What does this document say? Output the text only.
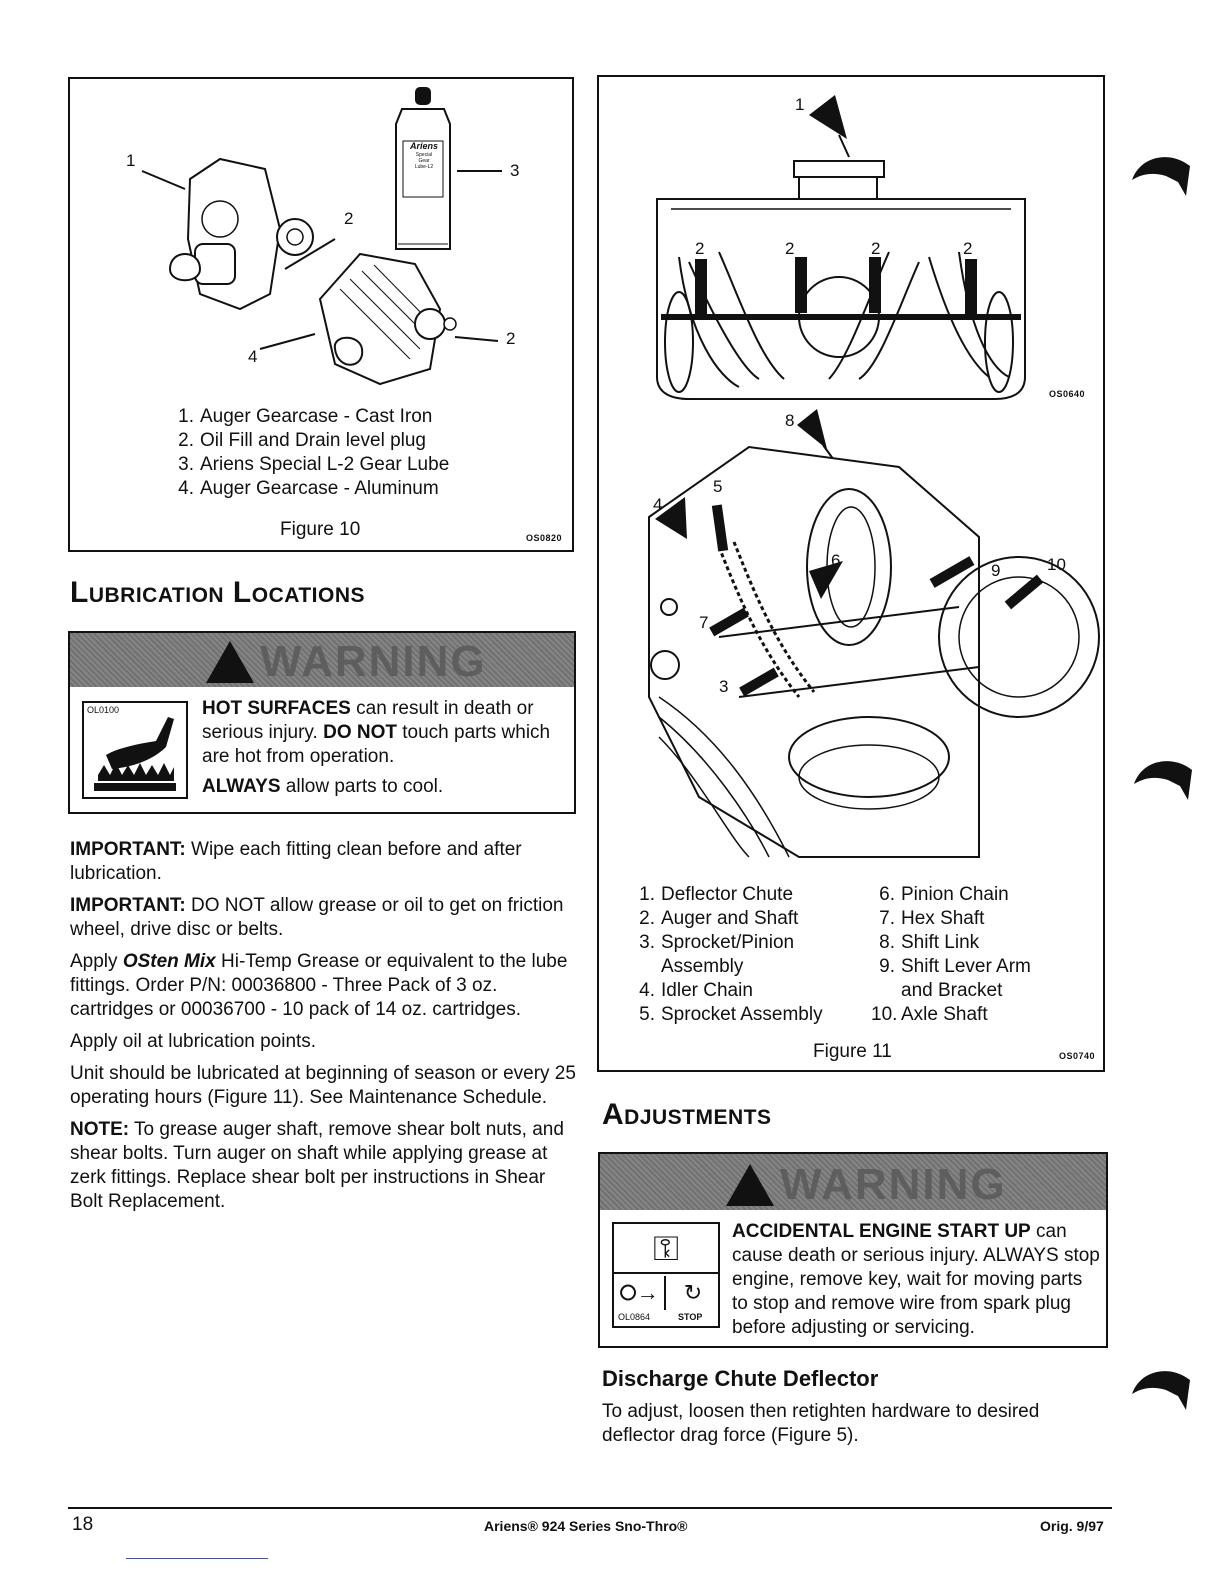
Ariens
Special
Gear
Lube-L2
1
2
3
2
4
1. Auger Gearcase - Cast Iron
2. Oil Fill and Drain level plug
3. Ariens Special L-2 Gear Lube
4. Auger Gearcase - Aluminum
Figure 10	OS0820
Lubrication Locations
WARNING
OL0100	HOT SURFACES can result in death or serious injury. DO NOT touch parts which are hot from operation.

ALWAYS allow parts to cool.

IMPORTANT: Wipe each fitting clean before and after lubrication.

IMPORTANT: DO NOT allow grease or oil to get on friction wheel, drive disc or belts.

Apply OSten Mix Hi-Temp Grease or equivalent to the lube fittings. Order P/N: 00036800 - Three Pack of 3 oz. cartridges or 00036700 - 10 pack of 14 oz. cartridges.

Apply oil at lubrication points.

Unit should be lubricated at beginning of season or every 25 operating hours (Figure 11). See Maintenance Schedule.

NOTE: To grease auger shaft, remove shear bolt nuts, and shear bolts. Turn auger on shaft while applying grease at zerk fittings. Replace shear bolt per instructions in Shear Bolt Replacement.

1
2	2	2	2
OS0640
8
4
5
6
9	10
7
3
1. Deflector Chute
2. Auger and Shaft
3. Sprocket/Pinion
Assembly
4. Idler Chain
5. Sprocket Assembly
6. Pinion Chain
7. Hex Shaft
8. Shift Link
9. Shift Lever Arm
and Bracket
10. Axle Shaft
Figure 11	OS0740
Adjustments
WARNING
⚿
⭘→	↻
OL0864	STOP

ACCIDENTAL ENGINE START UP can cause death or serious injury. ALWAYS stop engine, remove key, wait for moving parts to stop and remove wire from spark plug before adjusting or servicing.

Discharge Chute Deflector

To adjust, loosen then retighten hardware to desired deflector drag force (Figure 5).

18	Ariens® 924 Series Sno-Thro®	Orig. 9/97
